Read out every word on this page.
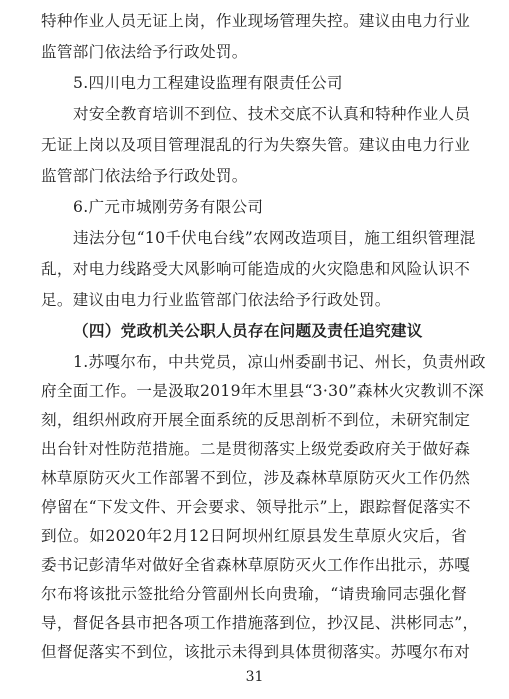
特种作业人员无证上岗，作业现场管理失控。建议由电力行业
监管部门依法给予行政处罚。
5.四川电力工程建设监理有限责任公司
对安全教育培训不到位、技术交底不认真和特种作业人员
无证上岗以及项目管理混乱的行为失察失管。建议由电力行业
监管部门依法给予行政处罚。
6.广元市城刚劳务有限公司
违法分包“10千伏电台线”农网改造项目，施工组织管理混
乱，对电力线路受大风影响可能造成的火灾隐患和风险认识不
足。建议由电力行业监管部门依法给予行政处罚。
（四）党政机关公职人员存在问题及责任追究建议
1.苏嘎尔布，中共党员，凉山州委副书记、州长，负责州政
府全面工作。一是汲取2019年木里县“3·30”森林火灾教训不深
刻，组织州政府开展全面系统的反思剖析不到位，未研究制定
出台针对性防范措施。二是贯彻落实上级党委政府关于做好森
林草原防灭火工作部署不到位，涉及森林草原防灭火工作仍然
停留在“下发文件、开会要求、领导批示”上，跟踪督促落实不
到位。如2020年2月12日阿坝州红原县发生草原火灾后，省
委书记彭清华对做好全省森林草原防灭火工作作出批示，苏嘎
尔布将该批示签批给分管副州长向贵瑜，“请贵瑜同志强化督
导，督促各县市把各项工作措施落到位，抄汉昆、洪彬同志”，
但督促落实不到位，该批示未得到具体贯彻落实。苏嘎尔布对
31
